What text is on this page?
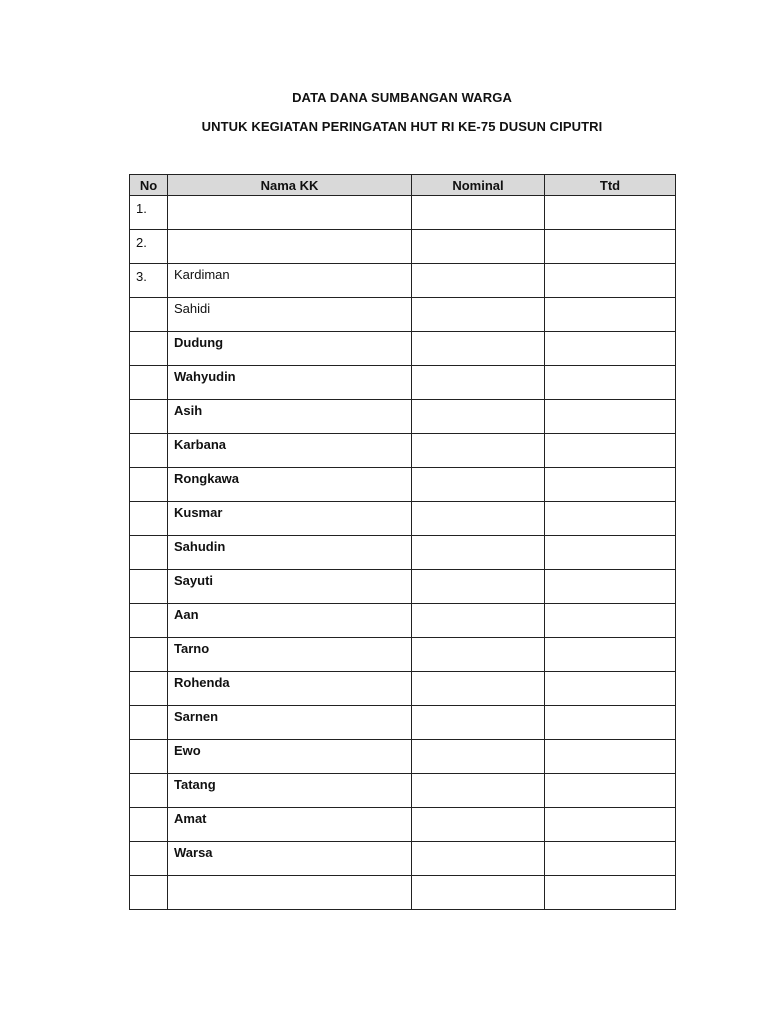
DATA DANA SUMBANGAN WARGA
UNTUK KEGIATAN PERINGATAN HUT RI KE-75 DUSUN CIPUTRI
No	Nama KK	Nominal	Ttd

1.			

2.			

3.	Kardiman		

	Sahidi		

	Dudung		

	Wahyudin		

	Asih		

	Karbana		

	Rongkawa		

	Kusmar		

	Sahudin		

	Sayuti		

	Aan		

	Tarno		

	Rohenda		

	Sarnen		

	Ewo		

	Tatang		

	Amat		

	Warsa		
